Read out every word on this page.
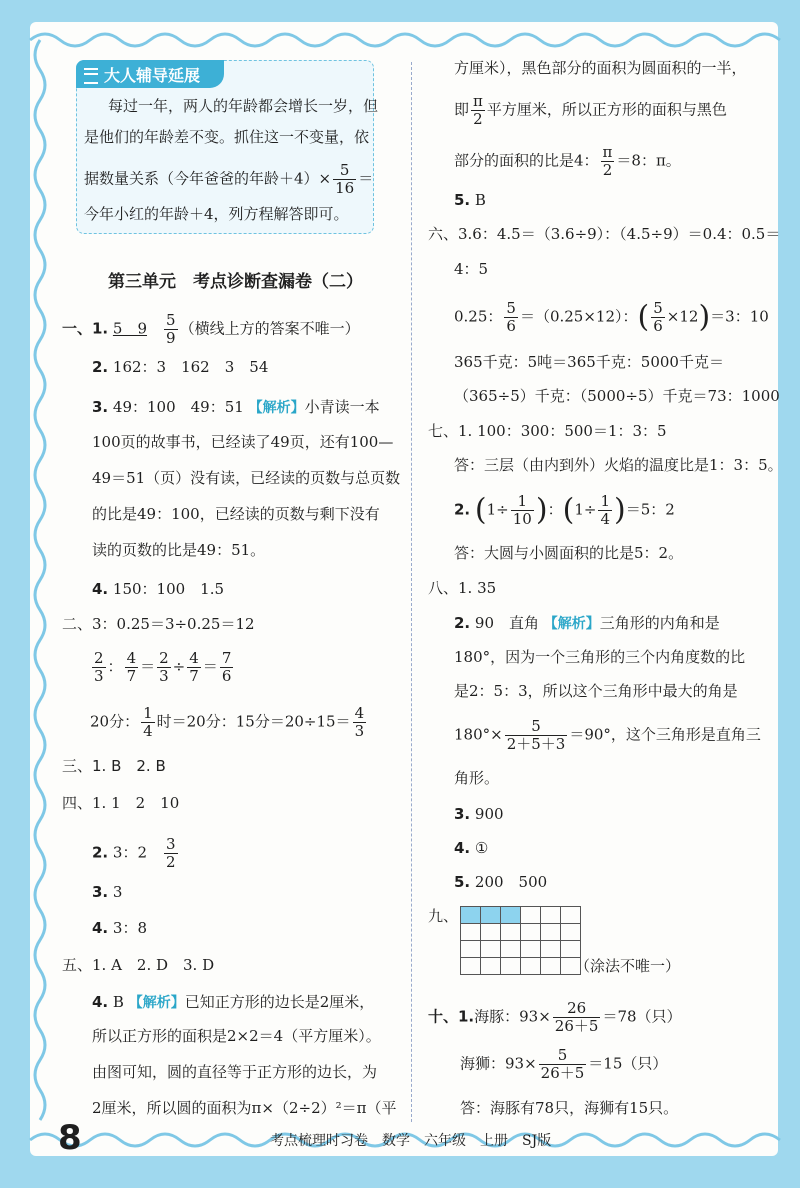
大人辅导延展
每过一年，两人的年龄都会增长一岁，但
是他们的年龄差不变。抓住这一不变量，依
据数量关系（今年爸爸的年龄$+4)\times \frac{5}{16}$ ＝
今年小红的年龄＋4，列方程解答即可。
第三单元　考点诊断查漏卷（二）
一、1. 5　9　 $\frac{5}{9}$ （横线上方的答案不唯一）
2. 162：3　162　3　54
3. 49：100　49：51 【解析】小青读一本
100页的故事书，已经读了49页，还有100—
49＝51（页）没有读，已经读的页数与总页数
的比是49：100，已经读的页数与剩下没有
读的页数的比是49：51。
4. 150：100　1.5
二、3：0.25＝3÷0.25＝12
$\frac{2}{3}$ ： $\frac{4}{7} = \frac{2}{3} \div \frac{4}{7} = \frac{7}{6}$
20分： $\frac{1}{4}$ 时＝20分：15分$=20\div 15= \frac{4}{3}$
三、1. B　2. B
四、1. 1　2　10
2. 3：2　 $\frac{3}{2}$
3. 3
4. 3：8
五、1. A　2. D　3. D
4. B 【解析】已知正方形的边长是2厘米，
所以正方形的面积是2×2＝4（平方厘米）。
由图可知，圆的直径等于正方形的边长，为
2厘米，所以圆的面积为π×（2÷2）²＝π（平
方厘米），黑色部分的面积为圆面积的一半，
即 $\frac{\pi}{2}$ 平方厘米，所以正方形的面积与黑色
部分的面积的比是4： $\frac{\pi}{2} =8$：π。
5. B
六、3.6：4.5＝（3.6÷9）：（4.5÷9）＝0.4：0.5＝
4：5
0.25： $\frac{5}{6} =(0.25\times 12)$：( $\frac{5}{6} \times 12)=3$：10
365千克：5吨＝365千克：5000千克＝
（365÷5）千克：（5000÷5）千克＝73：1000
七、1. 100：300：500＝1：3：5
答：三层（由内到外）火焰的温度比是1：3：5。
2. ($1\div \frac{1}{10}$ )：$(1\div \frac{1}{4} )=5$：2
答：大圆与小圆面积的比是5：2。
八、1. 35
2. 90　直角 【解析】三角形的内角和是
180°，因为一个三角形的三个内角度数的比
是2：5：3，所以这个三角形中最大的角是
$180^\circ\times \frac{5}{2+5+3} =90^\circ$，这个三角形是直角三
角形。
3. 900
4. ①
5. 200　500
九、

（涂法不唯一）
十、1.海豚：$93\times \frac{26}{26+5} =78$（只）
海狮：$93\times \frac{5}{26+5} =15$（只）
答：海豚有78只，海狮有15只。
8	考点梳理时习卷　数学　六年级　上册　SJ版
